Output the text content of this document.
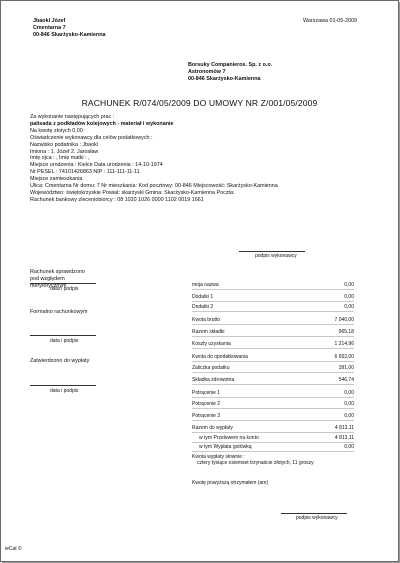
Jbaokl Józef
Cmentarna 7
00-846 Skarżysko-Kamienna
Warszawa 01-05-2009
Borsuky Companieros. Sp. z o.o.
Astronomów 7
00-846 Skarżysko-Kamienna
RACHUNEK R/074/05/2009 DO UMOWY NR Z/001/05/2009
Za wykonanie następujących prac :
palisada z podkładów kolejowych - materiał i wykonanie
Na kwotę złotych 0,00
Oświadczenie wykonawcy dla celów podatkowych :
Nazwisko podatnika : Jbaokl
Imiona : 1. Józef 2. Jarosław
Imię ojca : , Imię matki : ,
Miejsce urodzenia : Kielce Data urodzenia : 14-10-1974
Nr PESEL : 74101426863 NIP : 111-111-11-11
Miejsce zamieszkania
Ulica: Cmentarna Nr domu: 7 Nr mieszkania: Kod pocztowy: 00-846 Miejscowość: Skarżysko-Kamienna
Województwo: świętokrzyskie Powiat: skarżyski Gmina: Skarżysko-Kamienna Poczta:
Rachunek bankowy zleceniobiorcy : 08 1020 1026 0000 1102 0019 1661
podpis wykonawcy
Rachunek sprawdzono
pod względem
merytorycznym
data i podpis
Formalno rachunkowym
data i podpis
Zatwierdzono do wypłaty
data i podpis
moja nazwa	0,00
Dodatki 1	0,00
Dodatki 2	0,00
Kwota brutto	7 040,00
Razem składki	965,18
Koszty uzyskania	1 214,96
Kwota do opodatkowania	6 652,00
Zaliczka podatku	391,00
Składka zdrowotna	546,74
Potrącenie 1	0,00
Potrącenie 2	0,00
Potrącenie 3	0,00
Razem do wypłaty	4 813,11
w tym Przelewem na konto	4 813,11
w tym Wypłata gotówką	0,00
Kwota wypłaty słownie :
cztery tysiące osiemset trzynaście złotych, 11 groszy
Kwotę powyższą otrzymałem (am)
podpis wykonawcy
ieCat ©
